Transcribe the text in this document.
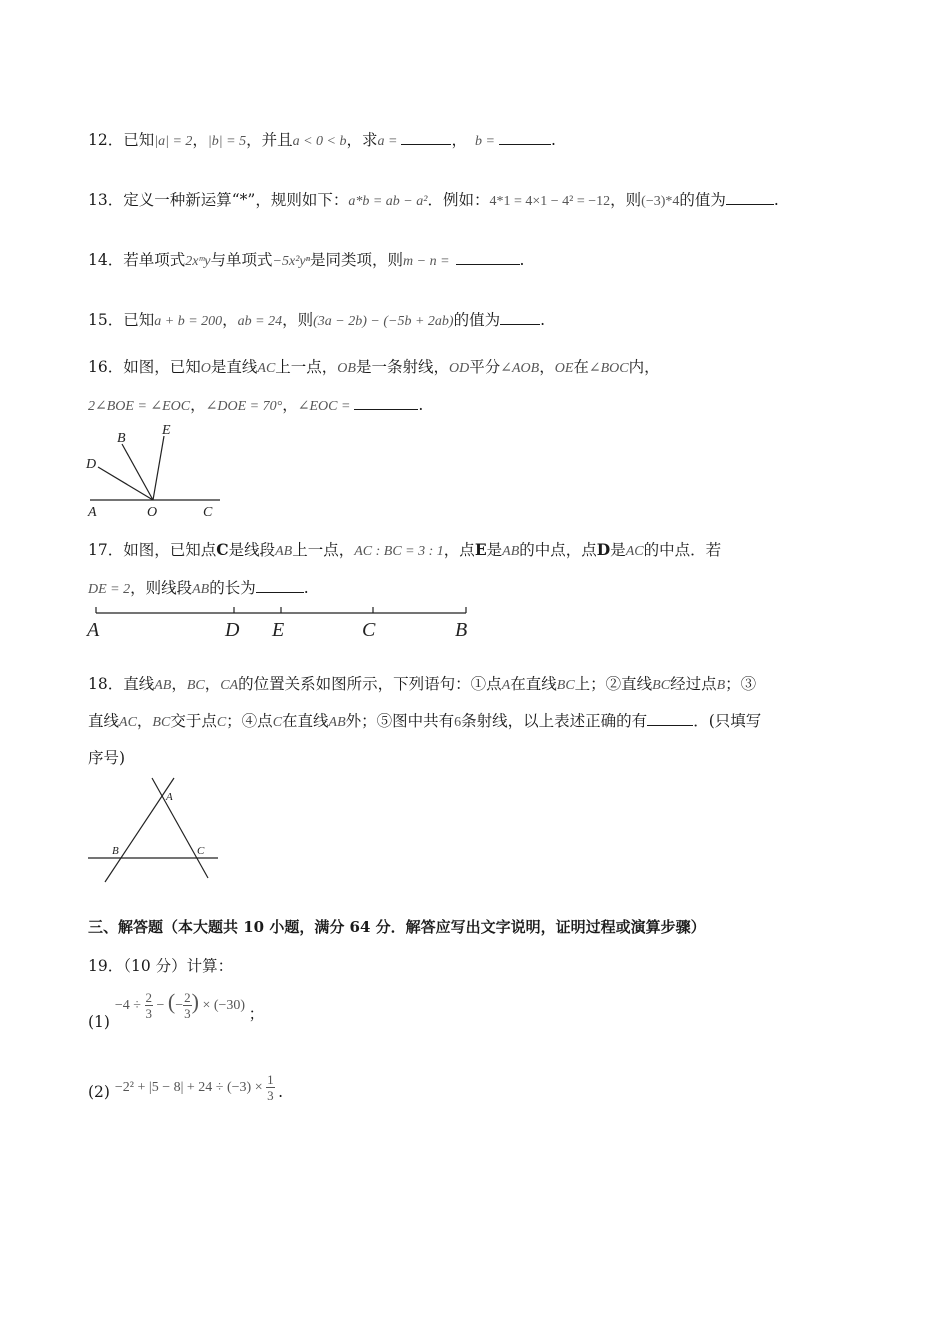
12．已知|a| = 2，|b| = 5，并且a < 0 < b，求a =	， b =	.
13．定义一种新运算“*”，规则如下：a*b = ab − a²．例如：4*1 = 4×1 − 4² = −12，则(−3)*4的值为	.
14．若单项式2xᵐy与单项式−5x²yⁿ是同类项，则m − n =	.
15．已知a + b = 200，ab = 24，则(3a − 2b) − (−5b + 2ab)的值为	.
16．如图，已知O是直线AC上一点，OB是一条射线，OD平分∠AOB，OE在∠BOC内，
2∠BOE = ∠EOC，∠DOE = 70°，∠EOC =	.
B
E
D
A	O	C
17．如图，已知点C是线段AB上一点，AC : BC = 3 : 1，点E是AB的中点，点D是AC的中点．若
DE = 2，则线段AB的长为	.
A	D E	C	B
18．直线AB，BC，CA的位置关系如图所示，下列语句：①点A在直线BC上；②直线BC经过点B；③
直线AC，BC交于点C；④点C在直线AB外；⑤图中共有6条射线，以上表述正确的有	．(只填写
序号)
A
B	C
三、解答题（本大题共 10 小题，满分 64 分．解答应写出文字说明，证明过程或演算步骤）
19．（10 分）计算：
$(1) -4 \div \frac{2}{3}$ − (− $\frac{2}{3}$ ) × (−30) ；
$(2) -2^2 + |5 - 8| + 24 \div (-3) \times \frac{1}{3}$ .
